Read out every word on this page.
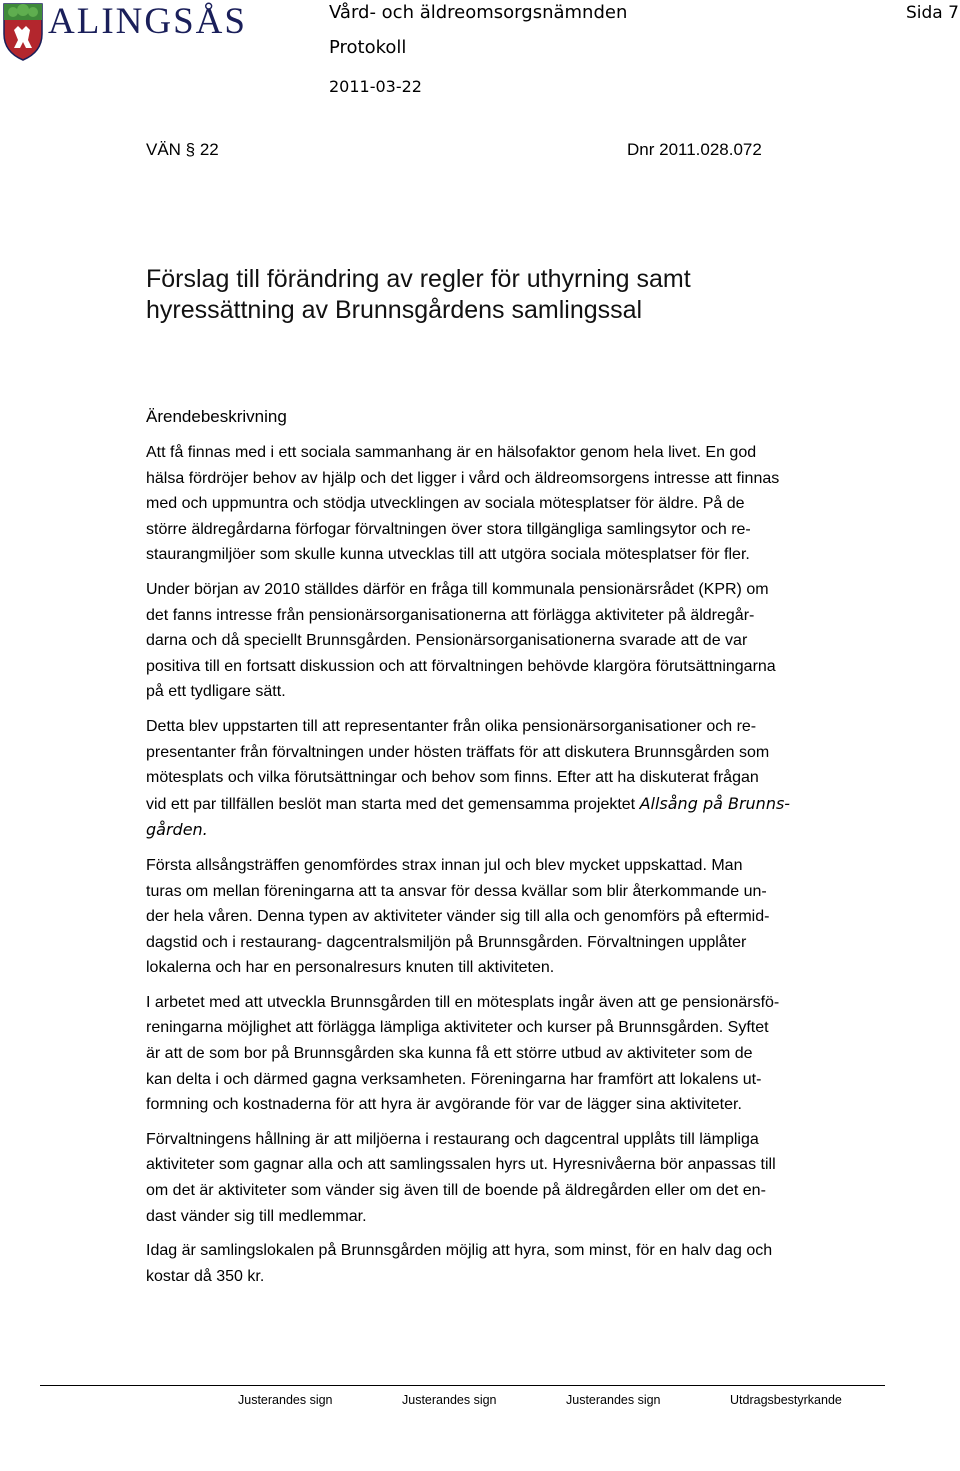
ALINGSÅS	Vård- och äldreomsorgsnämnden
Protokoll
2011-03-22
Sida 7
VÄN § 22	Dnr 2011.028.072
Förslag till förändring av regler för uthyrning samt
hyressättning av Brunnsgårdens samlingssal
Ärendebeskrivning

Att få finnas med i ett sociala sammanhang är en hälsofaktor genom hela livet. En god
hälsa fördröjer behov av hjälp och det ligger i vård och äldreomsorgens intresse att finnas
med och uppmuntra och stödja utvecklingen av sociala mötesplatser för äldre. På de
större äldregårdarna förfogar förvaltningen över stora tillgängliga samlingsytor och re-
staurangmiljöer som skulle kunna utvecklas till att utgöra sociala mötesplatser för fler.

Under början av 2010 ställdes därför en fråga till kommunala pensionärsrådet (KPR) om
det fanns intresse från pensionärsorganisationerna att förlägga aktiviteter på äldregår-
darna och då speciellt Brunnsgården. Pensionärsorganisationerna svarade att de var
positiva till en fortsatt diskussion och att förvaltningen behövde klargöra förutsättningarna
på ett tydligare sätt.

Detta blev uppstarten till att representanter från olika pensionärsorganisationer och re-
presentanter från förvaltningen under hösten träffats för att diskutera Brunnsgården som
mötesplats och vilka förutsättningar och behov som finns. Efter att ha diskuterat frågan
vid ett par tillfällen beslöt man starta med det gemensamma projektet Allsång på Brunns-
gården.

Första allsångsträffen genomfördes strax innan jul och blev mycket uppskattad. Man
turas om mellan föreningarna att ta ansvar för dessa kvällar som blir återkommande un-
der hela våren. Denna typen av aktiviteter vänder sig till alla och genomförs på eftermid-
dagstid och i restaurang- dagcentralsmiljön på Brunnsgården. Förvaltningen upplåter
lokalerna och har en personalresurs knuten till aktiviteten.

I arbetet med att utveckla Brunnsgården till en mötesplats ingår även att ge pensionärsfö-
reningarna möjlighet att förlägga lämpliga aktiviteter och kurser på Brunnsgården. Syftet
är att de som bor på Brunnsgården ska kunna få ett större utbud av aktiviteter som de
kan delta i och därmed gagna verksamheten. Föreningarna har framfört att lokalens ut-
formning och kostnaderna för att hyra är avgörande för var de lägger sina aktiviteter.

Förvaltningens hållning är att miljöerna i restaurang och dagcentral upplåts till lämpliga
aktiviteter som gagnar alla och att samlingssalen hyrs ut. Hyresnivåerna bör anpassas till
om det är aktiviteter som vänder sig även till de boende på äldregården eller om det en-
dast vänder sig till medlemmar.

Idag är samlingslokalen på Brunnsgården möjlig att hyra, som minst, för en halv dag och
kostar då 350 kr.

Justerandes sign	Justerandes sign	Justerandes sign	Utdragsbestyrkande
